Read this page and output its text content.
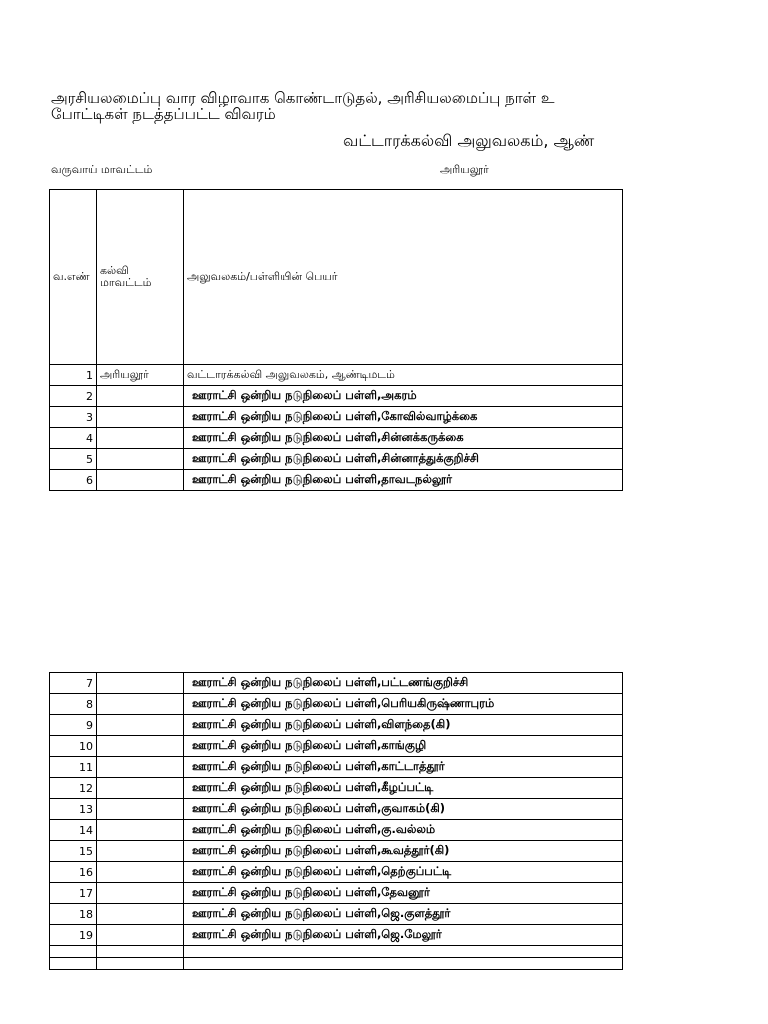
அரசியலமைப்பு வார விழாவாக கொண்டாடுதல், அரிசியலமைப்பு நாள் உ
போட்டிகள் நடத்தப்பட்ட விவரம்
வட்டாரக்கல்வி அலுவலகம், ஆண்
வருவாய் மாவட்டம்	அரியலூர்
வ.எண்	கல்வி மாவட்டம்	அலுவலகம்/பள்ளியின் பெயர்
1	அரியலூர்	வட்டாரக்கல்வி அலுவலகம், ஆண்டிமடம்
2		ஊராட்சி ஒன்றிய நடுநிலைப் பள்ளி,அகரம்
3		ஊராட்சி ஒன்றிய நடுநிலைப் பள்ளி,கோவில்வாழ்க்கை
4		ஊராட்சி ஒன்றிய நடுநிலைப் பள்ளி,சின்னக்கருக்கை
5		ஊராட்சி ஒன்றிய நடுநிலைப் பள்ளி,சின்னாத்துக்குறிச்சி
6		ஊராட்சி ஒன்றிய நடுநிலைப் பள்ளி,தாவடநல்லூர்
7		ஊராட்சி ஒன்றிய நடுநிலைப் பள்ளி,பட்டணங்குறிச்சி
8		ஊராட்சி ஒன்றிய நடுநிலைப் பள்ளி,பெரியகிருஷ்ணாபுரம்
9		ஊராட்சி ஒன்றிய நடுநிலைப் பள்ளி,விளந்தை(கி)
10		ஊராட்சி ஒன்றிய நடுநிலைப் பள்ளி,காங்குழி
11		ஊராட்சி ஒன்றிய நடுநிலைப் பள்ளி,காட்டாத்தூர்
12		ஊராட்சி ஒன்றிய நடுநிலைப் பள்ளி,கீழப்பட்டி
13		ஊராட்சி ஒன்றிய நடுநிலைப் பள்ளி,குவாகம்(கி)
14		ஊராட்சி ஒன்றிய நடுநிலைப் பள்ளி,கு.வல்லம்
15		ஊராட்சி ஒன்றிய நடுநிலைப் பள்ளி,கூவத்தூர்(கி)
16		ஊராட்சி ஒன்றிய நடுநிலைப் பள்ளி,தெற்குப்பட்டி
17		ஊராட்சி ஒன்றிய நடுநிலைப் பள்ளி,தேவனூர்
18		ஊராட்சி ஒன்றிய நடுநிலைப் பள்ளி,ஜெ.குளத்தூர்
19		ஊராட்சி ஒன்றிய நடுநிலைப் பள்ளி,ஜெ.மேலூர்
